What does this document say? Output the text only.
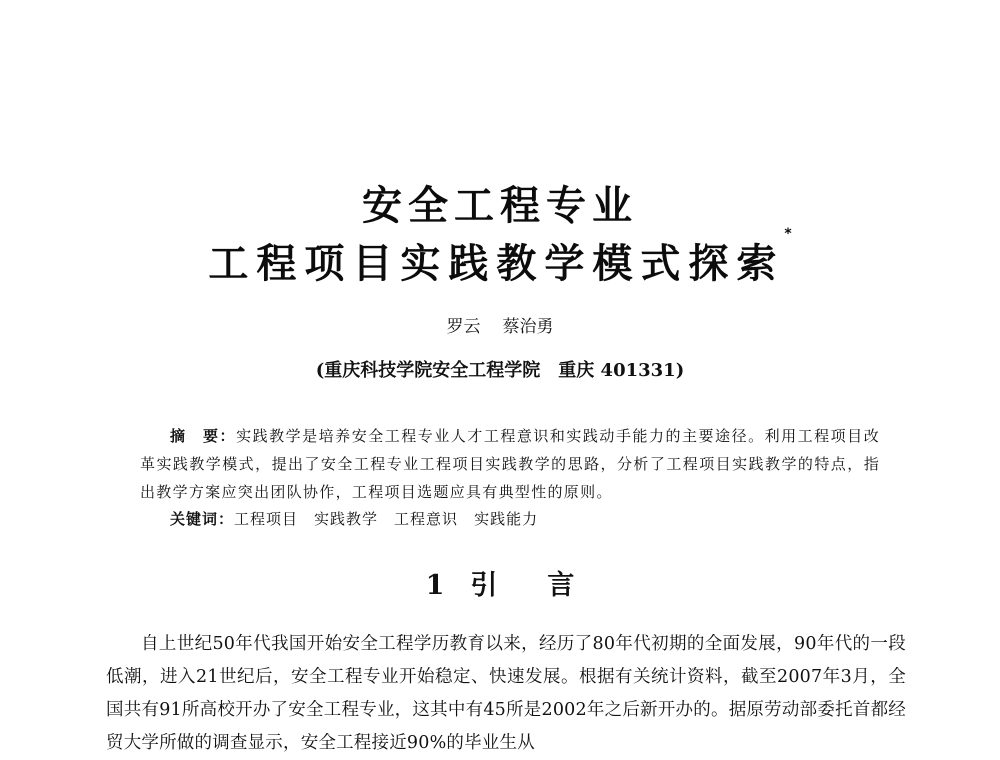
安全工程专业
工程项目实践教学模式探索*
罗云 蔡治勇
(重庆科技学院安全工程学院　重庆 401331)
摘　要：实践教学是培养安全工程专业人才工程意识和实践动手能力的主要途径。利用工程项目改革实践教学模式，提出了安全工程专业工程项目实践教学的思路，分析了工程项目实践教学的特点，指出教学方案应突出团队协作，工程项目选题应具有典型性的原则。
关键词：工程项目 实践教学 工程意识 实践能力
1 引言
自上世纪50年代我国开始安全工程学历教育以来，经历了80年代初期的全面发展，90年代的一段低潮，进入21世纪后，安全工程专业开始稳定、快速发展。根据有关统计资料，截至2007年3月，全国共有91所高校开办了安全工程专业，这其中有45所是2002年之后新开办的。据原劳动部委托首都经贸大学所做的调查显示，安全工程接近90%的毕业生从
